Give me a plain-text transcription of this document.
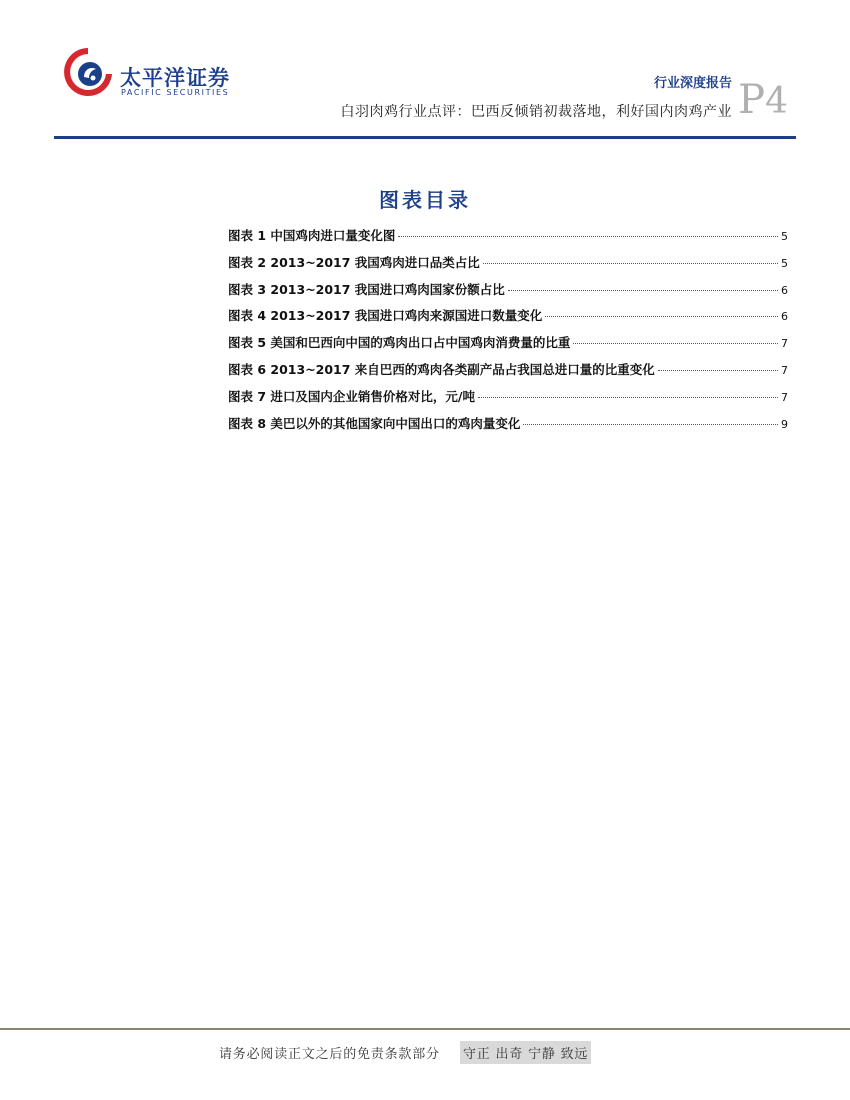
太平洋证券
PACIFIC SECURITIES
行业深度报告
白羽肉鸡行业点评：巴西反倾销初裁落地，利好国内肉鸡产业 P4
图表目录
图表 1 中国鸡肉进口量变化图	5
图表 2 2013~2017 我国鸡肉进口品类占比	5
图表 3 2013~2017 我国进口鸡肉国家份额占比	6
图表 4 2013~2017 我国进口鸡肉来源国进口数量变化	6
图表 5 美国和巴西向中国的鸡肉出口占中国鸡肉消费量的比重	7
图表 6 2013~2017 来自巴西的鸡肉各类副产品占我国总进口量的比重变化	7
图表 7 进口及国内企业销售价格对比，元/吨	7
图表 8 美巴以外的其他国家向中国出口的鸡肉量变化	9
请务必阅读正文之后的免责条款部分 守正 出奇 宁静 致远
